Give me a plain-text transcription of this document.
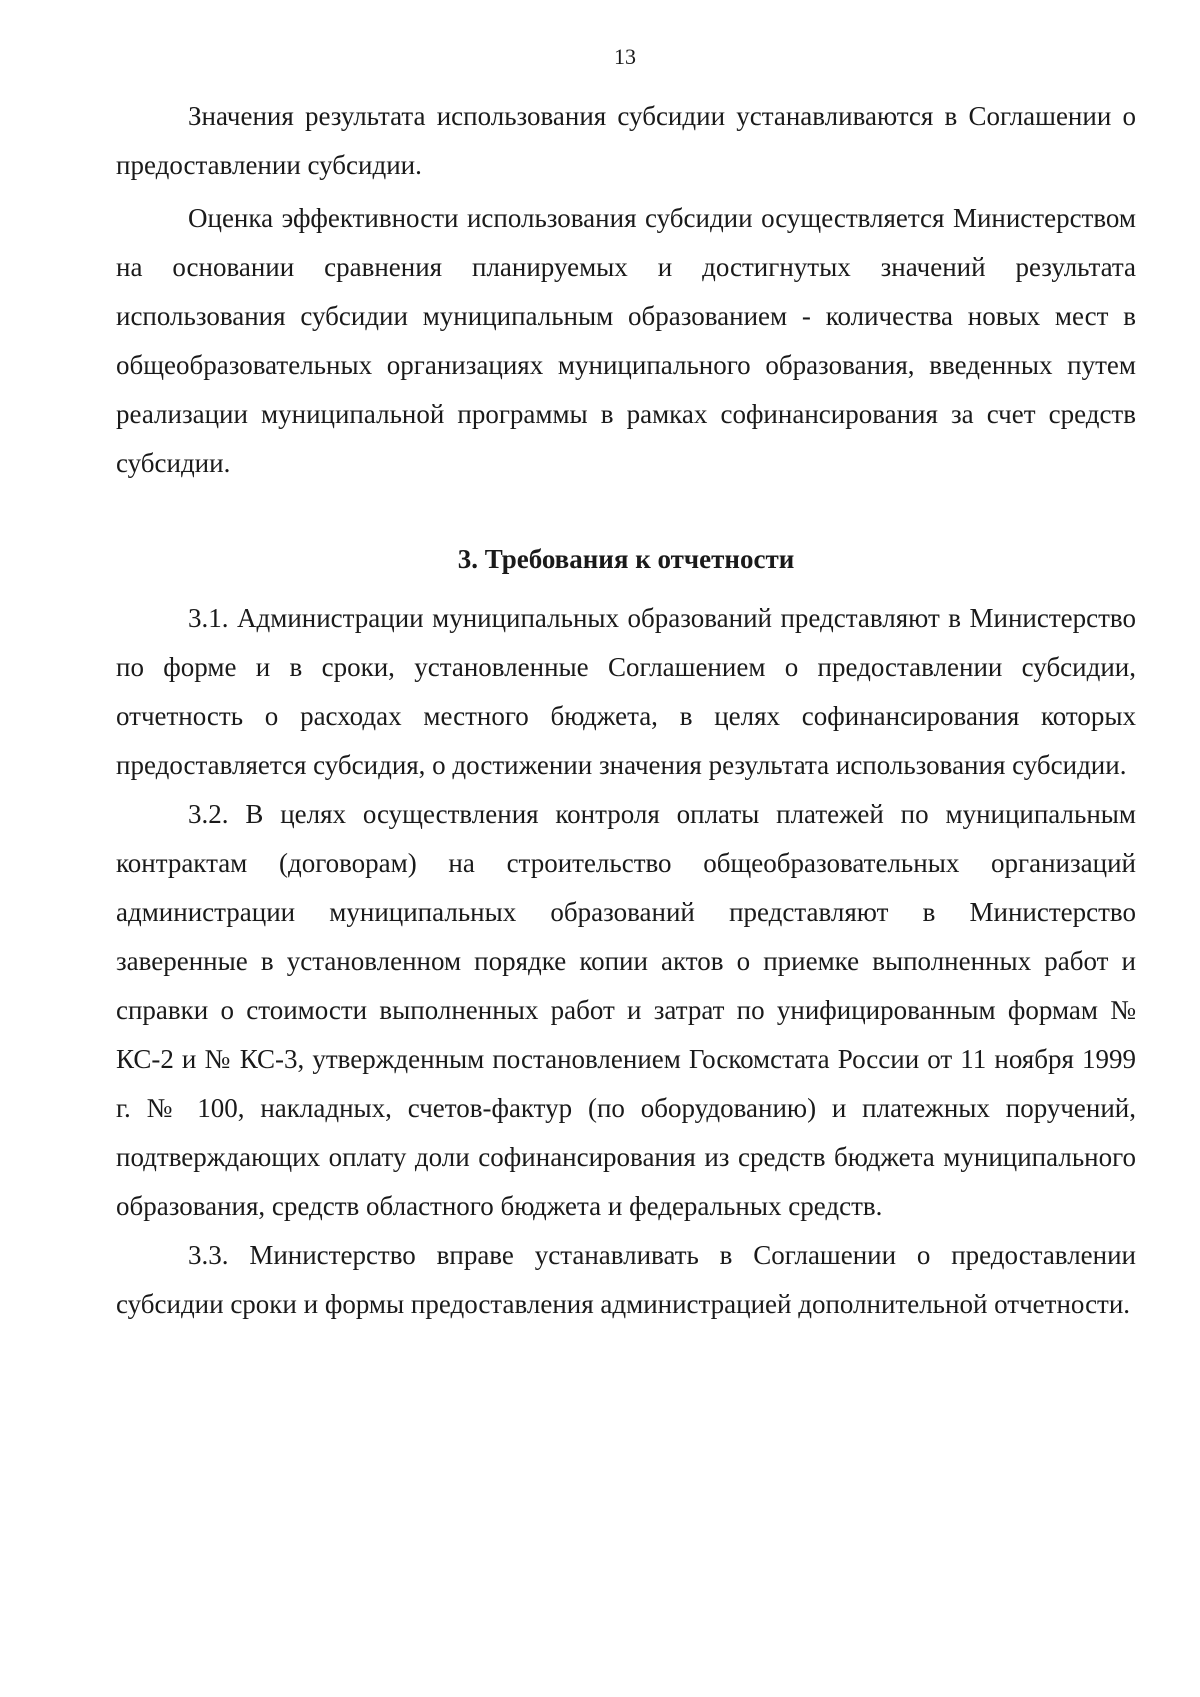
13

Значения результата использования субсидии устанавливаются в Соглашении о предоставлении субсидии.

Оценка эффективности использования субсидии осуществляется Министерством на основании сравнения планируемых и достигнутых значений результата использования субсидии муниципальным образованием - количества новых мест в общеобразовательных организациях муниципального образования, введенных путем реализации муниципальной программы в рамках софинансирования за счет средств субсидии.

3. Требования к отчетности

3.1. Администрации муниципальных образований представляют в Министерство по форме и в сроки, установленные Соглашением о предоставлении субсидии, отчетность о расходах местного бюджета, в целях софинансирования которых предоставляется субсидия, о достижении значения результата использования субсидии.

3.2. В целях осуществления контроля оплаты платежей по муниципальным контрактам (договорам) на строительство общеобразовательных организаций администрации муниципальных образований представляют в Министерство заверенные в установленном порядке копии актов о приемке выполненных работ и справки о стоимости выполненных работ и затрат по унифицированным формам № КС-2 и № КС-3, утвержденным постановлением Госкомстата России от 11 ноября 1999 г. № 100, накладных, счетов-фактур (по оборудованию) и платежных поручений, подтверждающих оплату доли софинансирования из средств бюджета муниципального образования, средств областного бюджета и федеральных средств.

3.3. Министерство вправе устанавливать в Соглашении о предоставлении субсидии сроки и формы предоставления администрацией дополнительной отчетности.
